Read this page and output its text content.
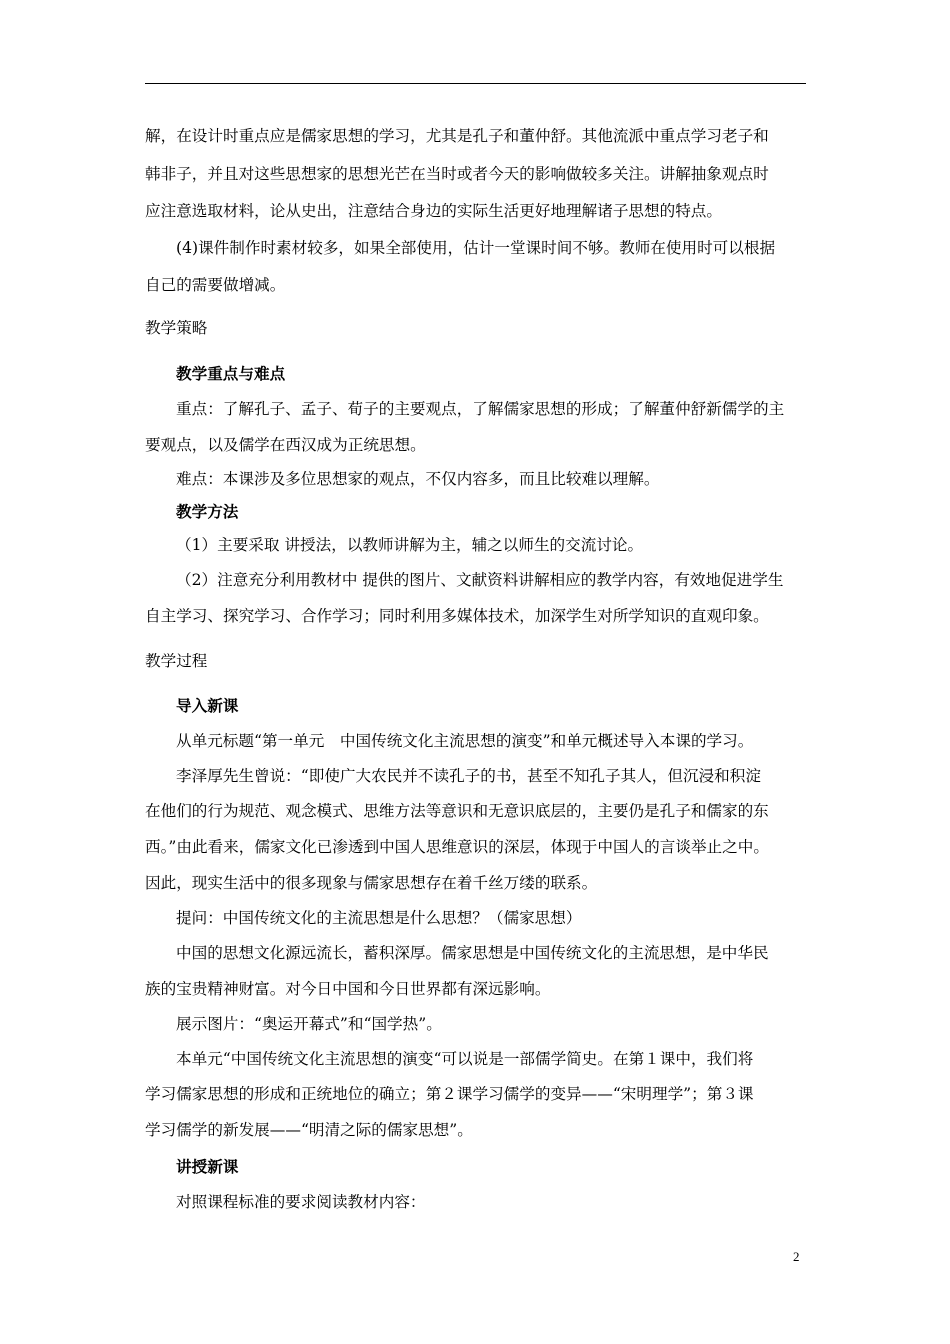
解，在设计时重点应是儒家思想的学习，尤其是孔子和董仲舒。其他流派中重点学习老子和
韩非子，并且对这些思想家的思想光芒在当时或者今天的影响做较多关注。讲解抽象观点时
应注意选取材料，论从史出，注意结合身边的实际生活更好地理解诸子思想的特点。
(4)课件制作时素材较多，如果全部使用，估计一堂课时间不够。教师在使用时可以根据
自己的需要做增减。
教学策略
教学重点与难点
重点：了解孔子、孟子、荀子的主要观点，了解儒家思想的形成；了解董仲舒新儒学的主
要观点，以及儒学在西汉成为正统思想。
难点：本课涉及多位思想家的观点，不仅内容多，而且比较难以理解。
教学方法
（1）主要采取 讲授法，以教师讲解为主，辅之以师生的交流讨论。
（2）注意充分利用教材中 提供的图片、文献资料讲解相应的教学内容，有效地促进学生
自主学习、探究学习、合作学习；同时利用多媒体技术，加深学生对所学知识的直观印象。
教学过程
导入新课
从单元标题“第一单元　中国传统文化主流思想的演变”和单元概述导入本课的学习。
李泽厚先生曾说：“即使广大农民并不读孔子的书，甚至不知孔子其人，但沉浸和积淀
在他们的行为规范、观念模式、思维方法等意识和无意识底层的，主要仍是孔子和儒家的东
西。”由此看来，儒家文化已渗透到中国人思维意识的深层，体现于中国人的言谈举止之中。
因此，现实生活中的很多现象与儒家思想存在着千丝万缕的联系。
提问：中国传统文化的主流思想是什么思想？（儒家思想）
中国的思想文化源远流长，蓄积深厚。儒家思想是中国传统文化的主流思想，是中华民
族的宝贵精神财富。对今日中国和今日世界都有深远影响。
展示图片：“奥运开幕式”和“国学热”。
本单元“中国传统文化主流思想的演变“可以说是一部儒学简史。在第１课中，我们将
学习儒家思想的形成和正统地位的确立；第２课学习儒学的变异——“宋明理学”；第３课
学习儒学的新发展——“明清之际的儒家思想”。
讲授新课
对照课程标准的要求阅读教材内容：
2
